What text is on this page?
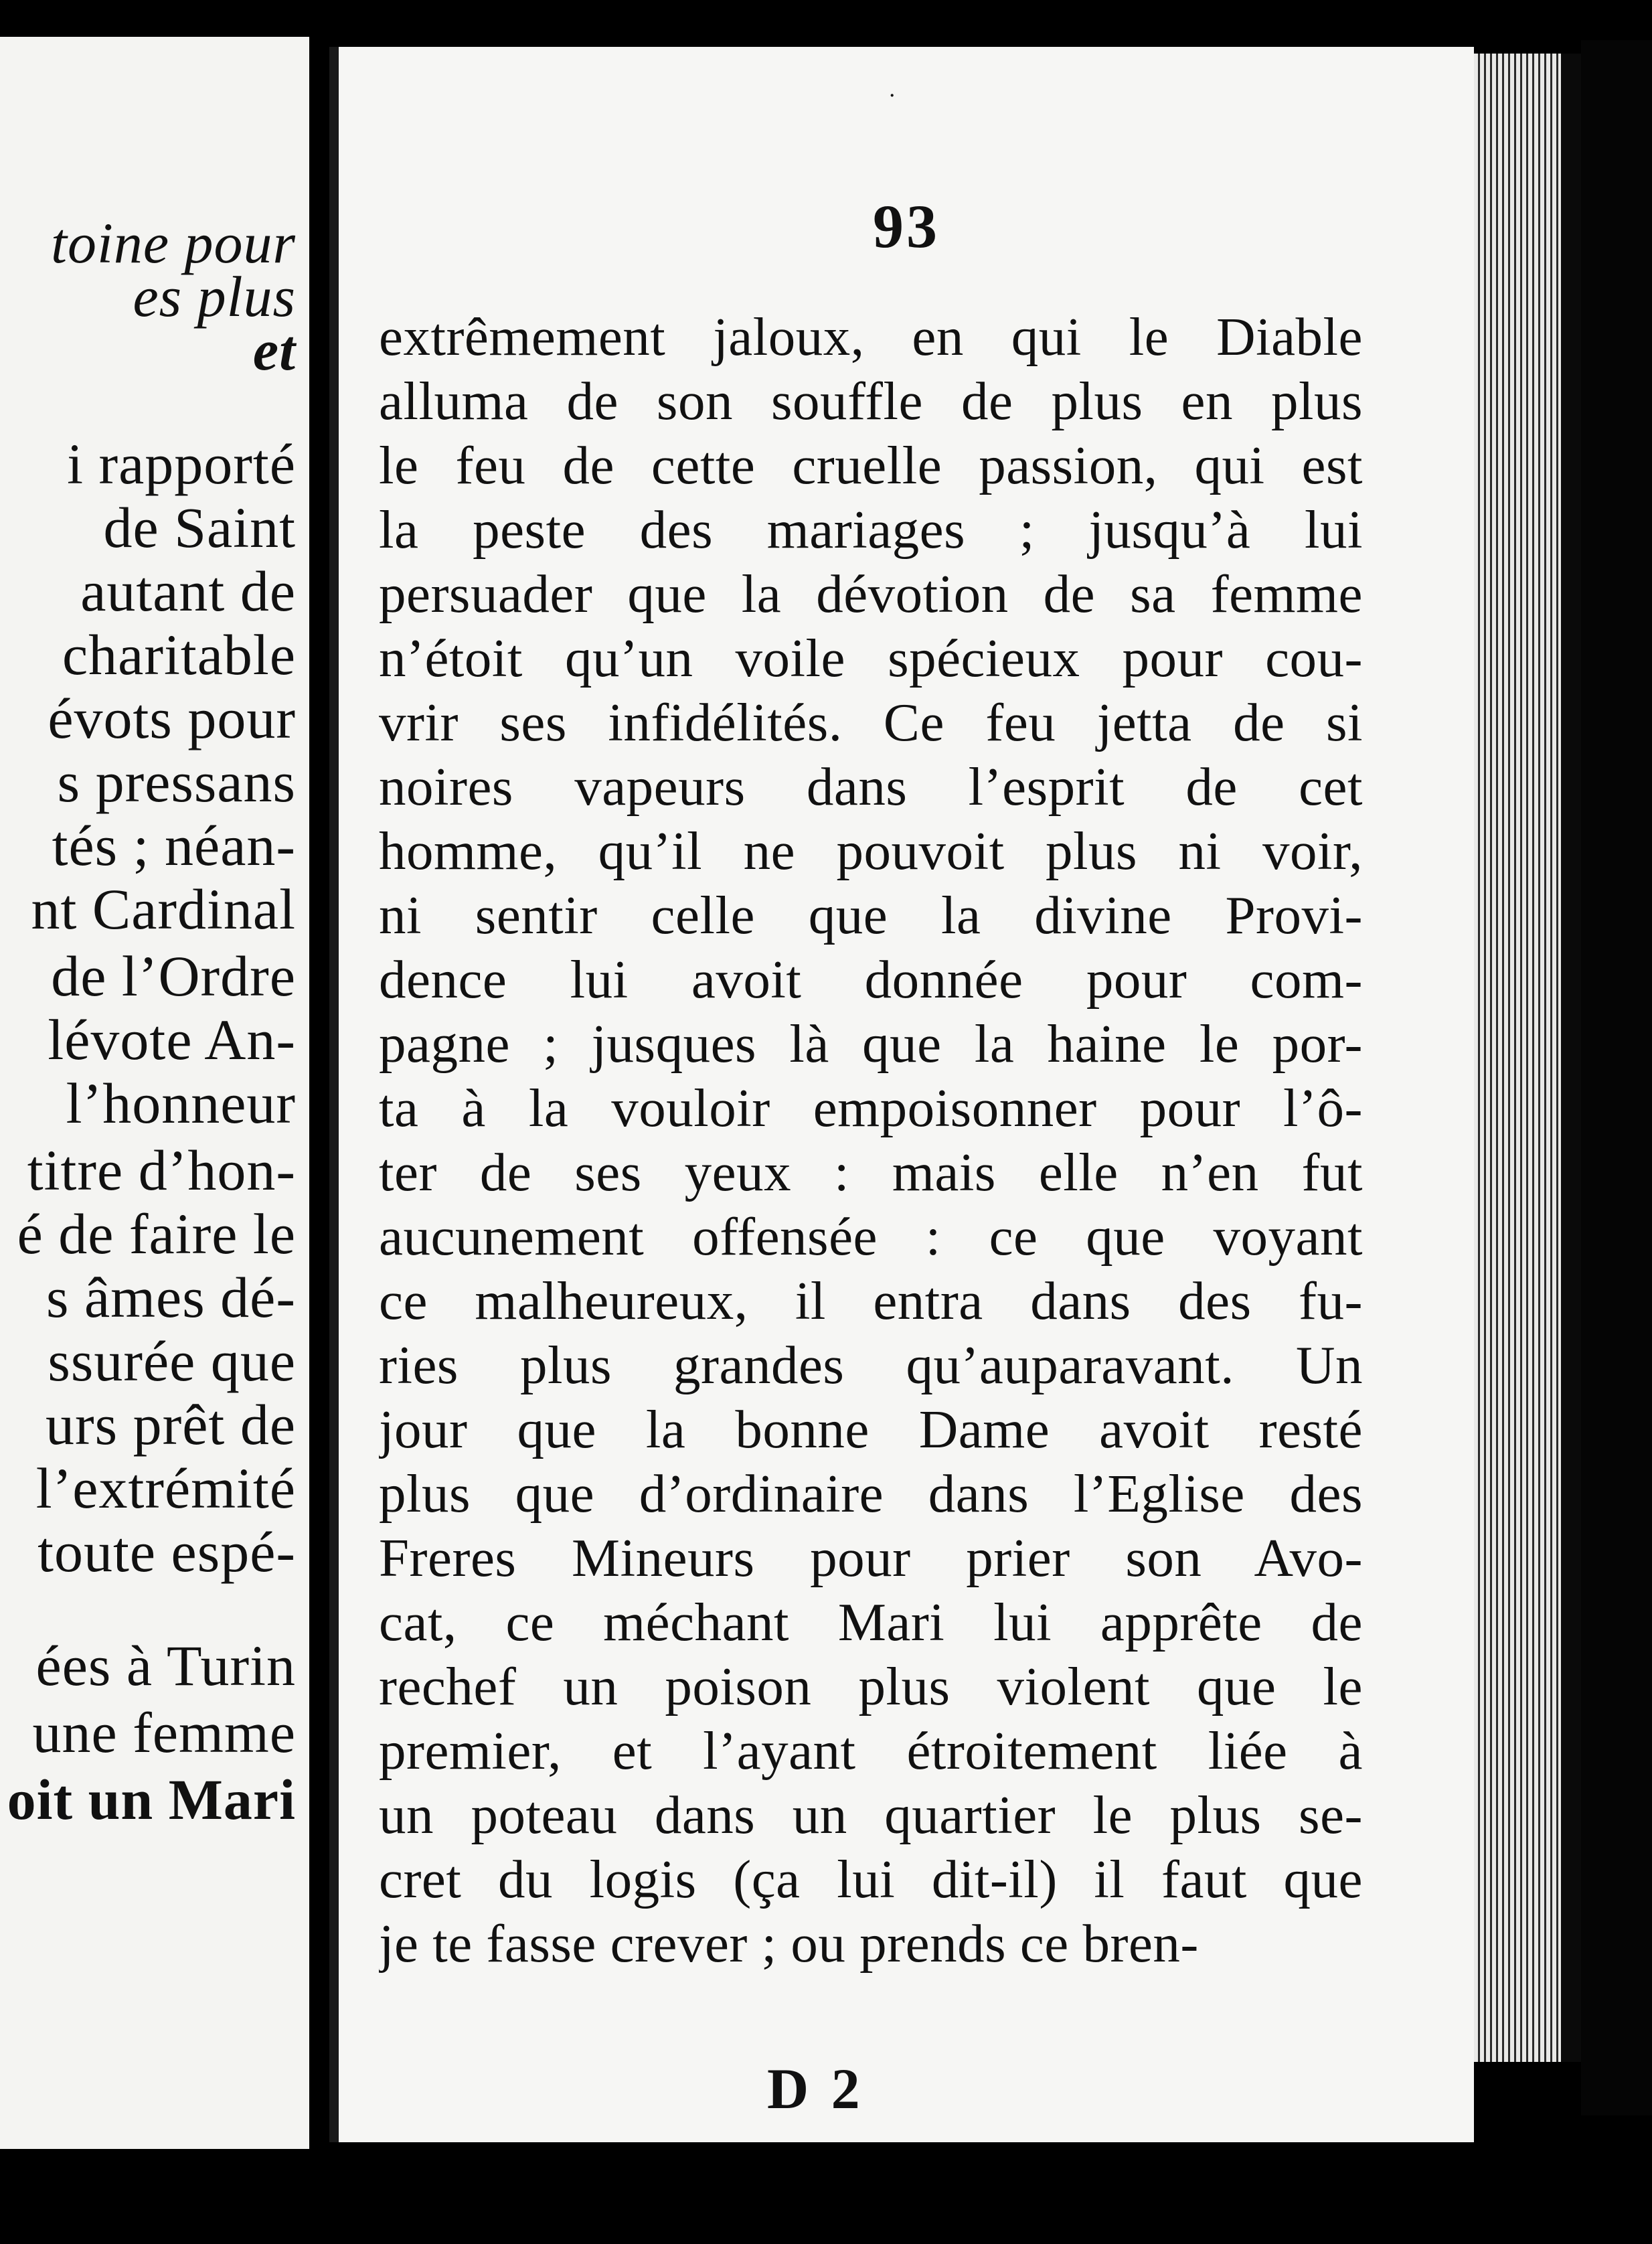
toine pour
es plus
et
i rapporté
de Saint
autant de
charitable
évots pour
s pressans
tés ; néan-
nt Cardinal
de l’Ordre
lévote An-
l’honneur
titre d’hon-
é de faire le
s âmes dé-
ssurée que
urs prêt de
l’extrémité
toute espé-
ées à Turin
une femme
oit un Mari
93
extrêmement jaloux, en qui le Diable
alluma de son souffle de plus en plus
le feu de cette cruelle passion, qui est
la peste des mariages ; jusqu’à lui
persuader que la dévotion de sa femme
n’étoit qu’un voile spécieux pour cou-
vrir ses infidélités. Ce feu jetta de si
noires vapeurs dans l’esprit de cet
homme, qu’il ne pouvoit plus ni voir,
ni sentir celle que la divine Provi-
dence lui avoit donnée pour com-
pagne ; jusques là que la haine le por-
ta à la vouloir empoisonner pour l’ô-
ter de ses yeux : mais elle n’en fut
aucunement offensée : ce que voyant
ce malheureux, il entra dans des fu-
ries plus grandes qu’auparavant. Un
jour que la bonne Dame avoit resté
plus que d’ordinaire dans l’Eglise des
Freres Mineurs pour prier son Avo-
cat, ce méchant Mari lui apprête de
rechef un poison plus violent que le
premier, et l’ayant étroitement liée à
un poteau dans un quartier le plus se-
cret du logis (ça lui dit-il) il faut que
je te fasse crever ; ou prends ce bren-
D 2
˙
